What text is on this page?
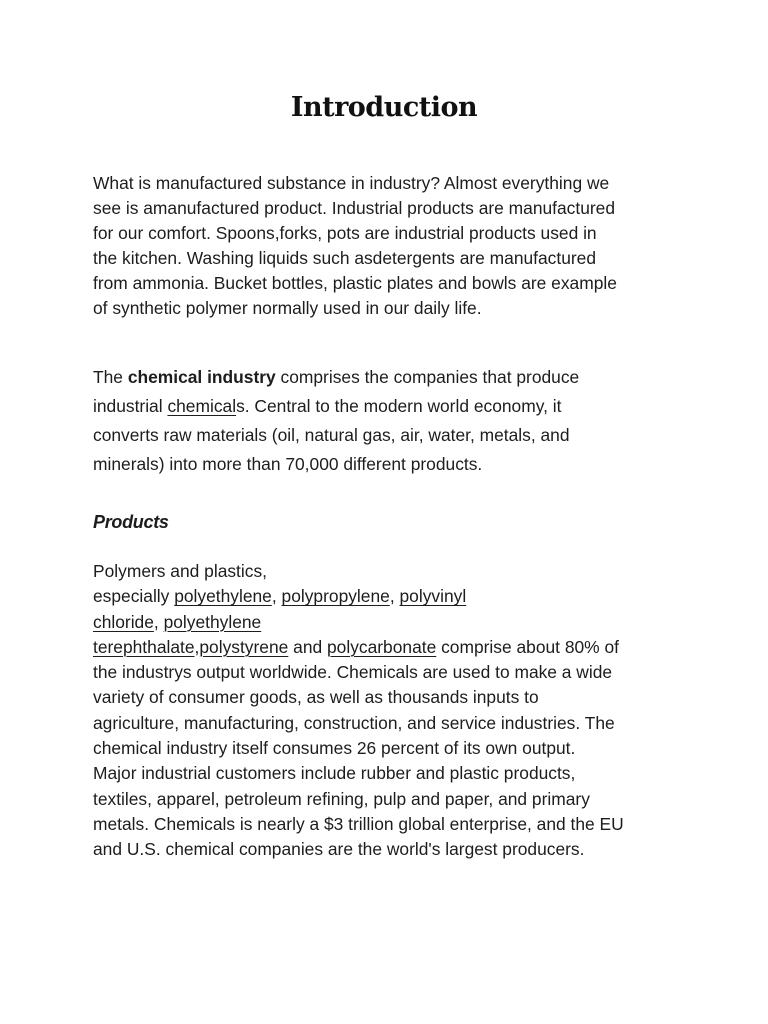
Introduction

What is manufactured substance in industry? Almost everything we
see is amanufactured product. Industrial products are manufactured
for our comfort. Spoons,forks, pots are industrial products used in
the kitchen. Washing liquids such asdetergents are manufactured
from ammonia. Bucket bottles, plastic plates and bowls are example
of synthetic polymer normally used in our daily life.

The chemical industry comprises the companies that produce
industrial chemicals. Central to the modern world economy, it
converts raw materials (oil, natural gas, air, water, metals, and
minerals) into more than 70,000 different products.

Products

Polymers and plastics,
especially polyethylene, polypropylene, polyvinyl
chloride, polyethylene
terephthalate,polystyrene and polycarbonate comprise about 80% of
the industrys output worldwide. Chemicals are used to make a wide
variety of consumer goods, as well as thousands inputs to
agriculture, manufacturing, construction, and service industries. The
chemical industry itself consumes 26 percent of its own output.
Major industrial customers include rubber and plastic products,
textiles, apparel, petroleum refining, pulp and paper, and primary
metals. Chemicals is nearly a $3 trillion global enterprise, and the EU
and U.S. chemical companies are the world's largest producers.
